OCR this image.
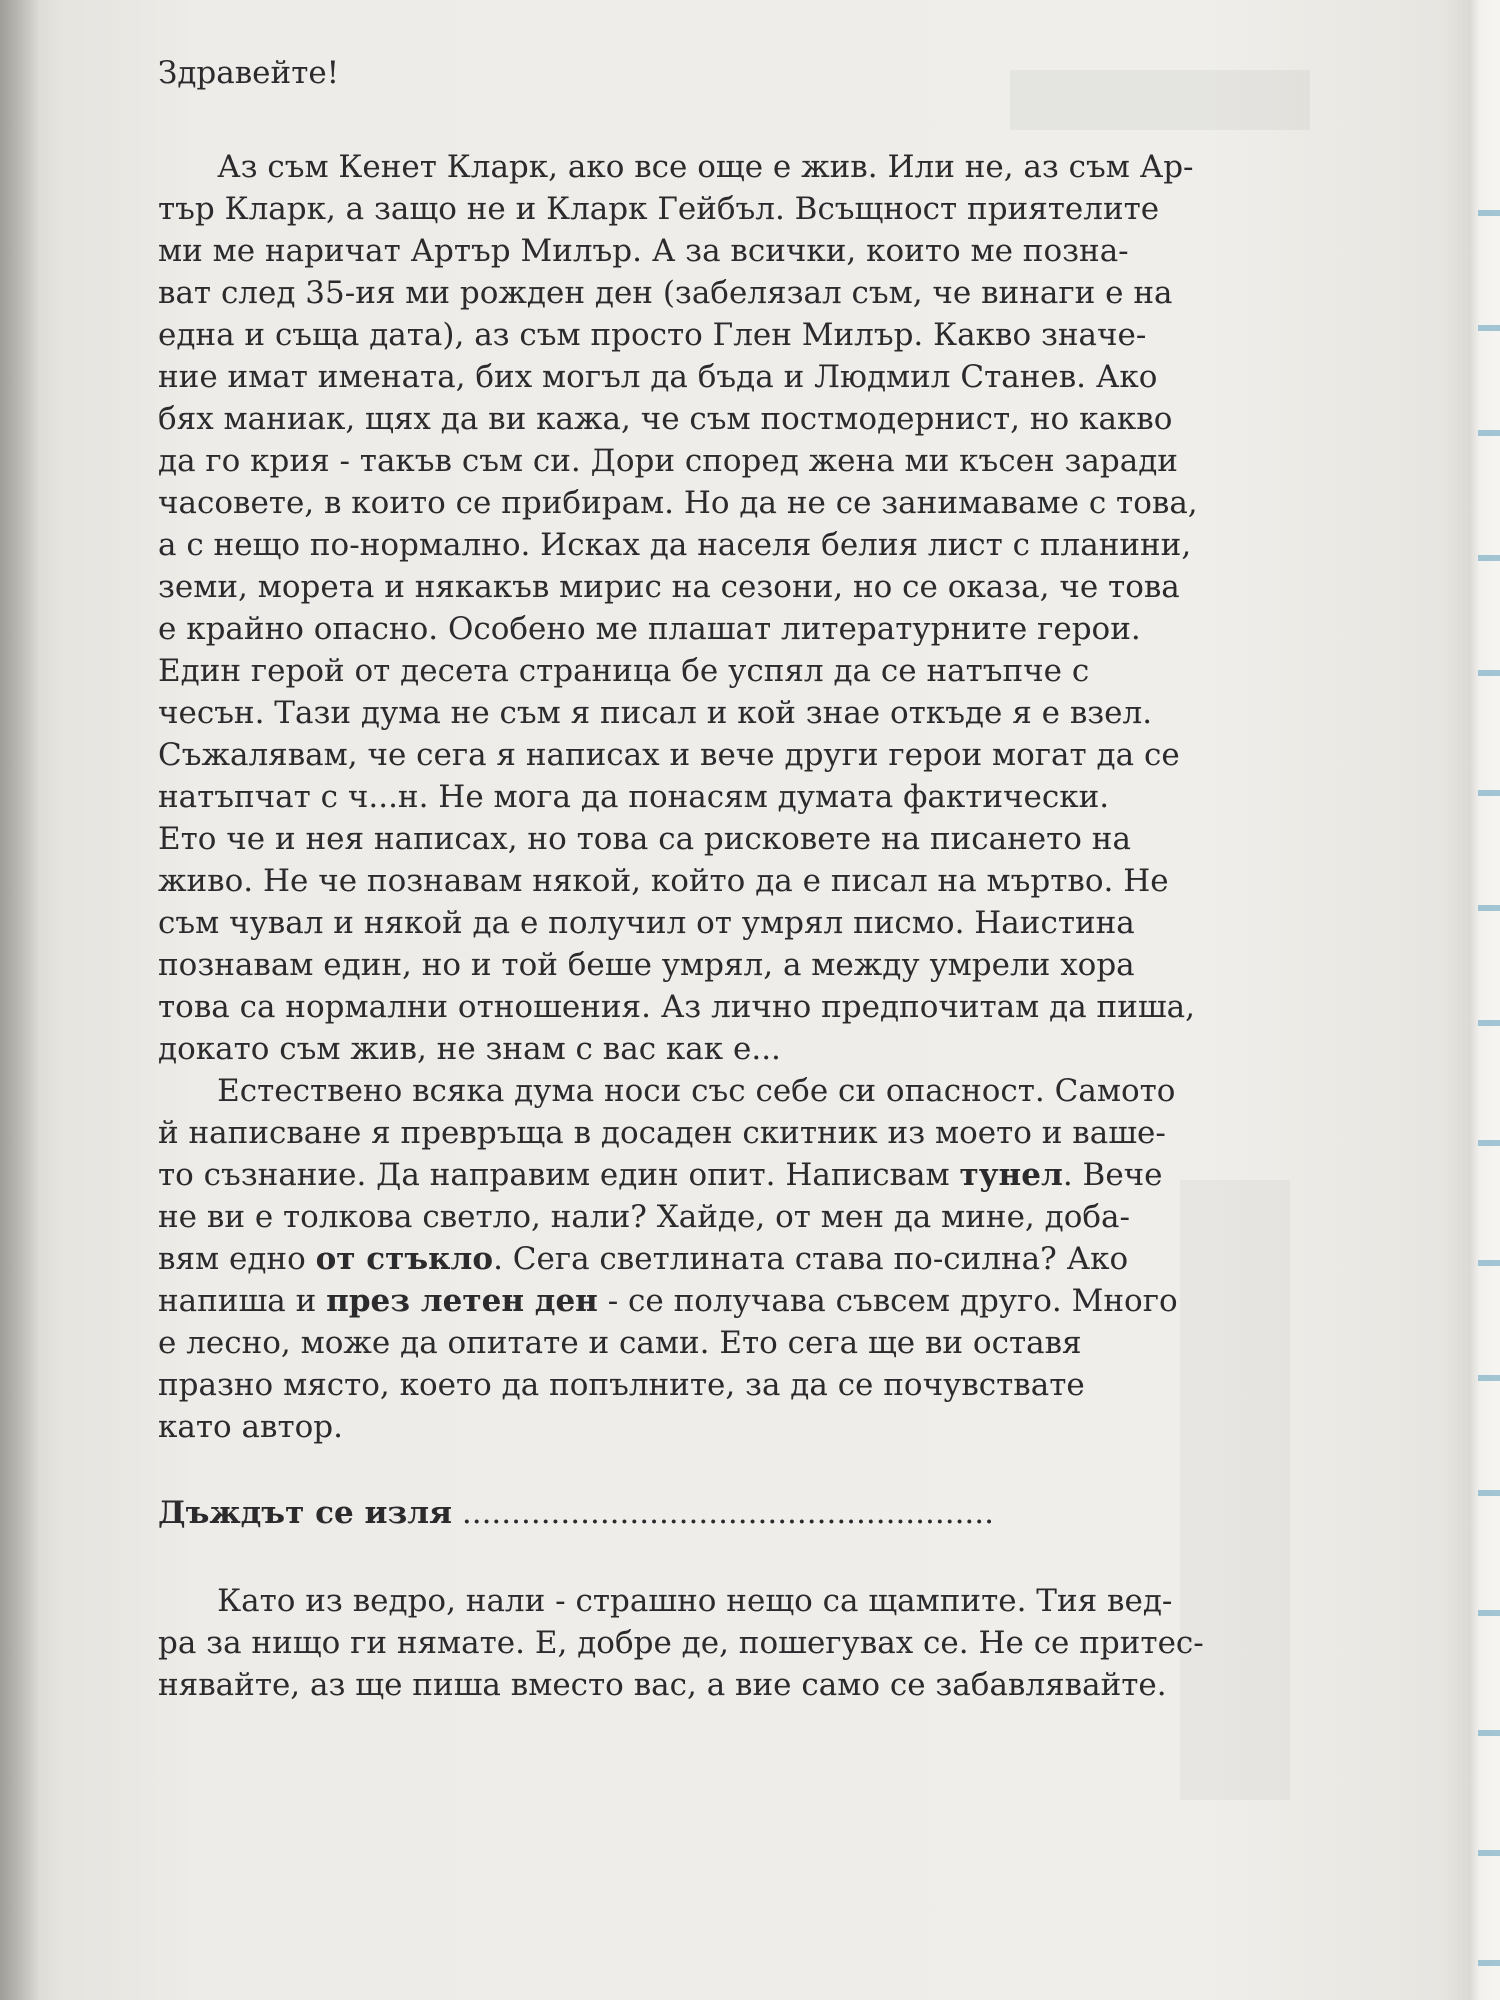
Здравейте!
Аз съм Кенет Кларк, ако все още е жив. Или не, аз съм Ар-
тър Кларк, а защо не и Кларк Гейбъл. Всъщност приятелите
ми ме наричат Артър Милър. А за всички, които ме позна-
ват след 35-ия ми рожден ден (забелязал съм, че винаги е на
една и съща дата), аз съм просто Глен Милър. Какво значе-
ние имат имената, бих могъл да бъда и Людмил Станев. Ако
бях маниак, щях да ви кажа, че съм постмодернист, но какво
да го крия - такъв съм си. Дори според жена ми късен заради
часовете, в които се прибирам. Но да не се занимаваме с това,
а с нещо по-нормално. Исках да населя белия лист с планини,
земи, морета и някакъв мирис на сезони, но се оказа, че това
е крайно опасно. Особено ме плашат литературните герои.
Един герой от десета страница бе успял да се натъпче с
чесън. Тази дума не съм я писал и кой знае откъде я е взел.
Съжалявам, че сега я написах и вече други герои могат да се
натъпчат с ч...н. Не мога да понасям думата фактически.
Ето че и нея написах, но това са рисковете на писането на
живо. Не че познавам някой, който да е писал на мъртво. Не
съм чувал и някой да е получил от умрял писмо. Наистина
познавам един, но и той беше умрял, а между умрели хора
това са нормални отношения. Аз лично предпочитам да пиша,
докато съм жив, не знам с вас как е...
Естествено всяка дума носи със себе си опасност. Самото
й написване я превръща в досаден скитник из моето и ваше-
то съзнание. Да направим един опит. Написвам тунел. Вече
не ви е толкова светло, нали? Хайде, от мен да мине, доба-
вям едно от стъкло. Сега светлината става по-силна? Ако
напиша и през летен ден - се получава съвсем друго. Много
е лесно, може да опитате и сами. Ето сега ще ви оставя
празно място, което да попълните, за да се почувствате
като автор.
Дъждът се изля ......................................................
Като из ведро, нали - страшно нещо са щампите. Тия вед-
ра за нищо ги нямате. Е, добре де, пошегувах се. Не се притес-
нявайте, аз ще пиша вместо вас, а вие само се забавлявайте.
